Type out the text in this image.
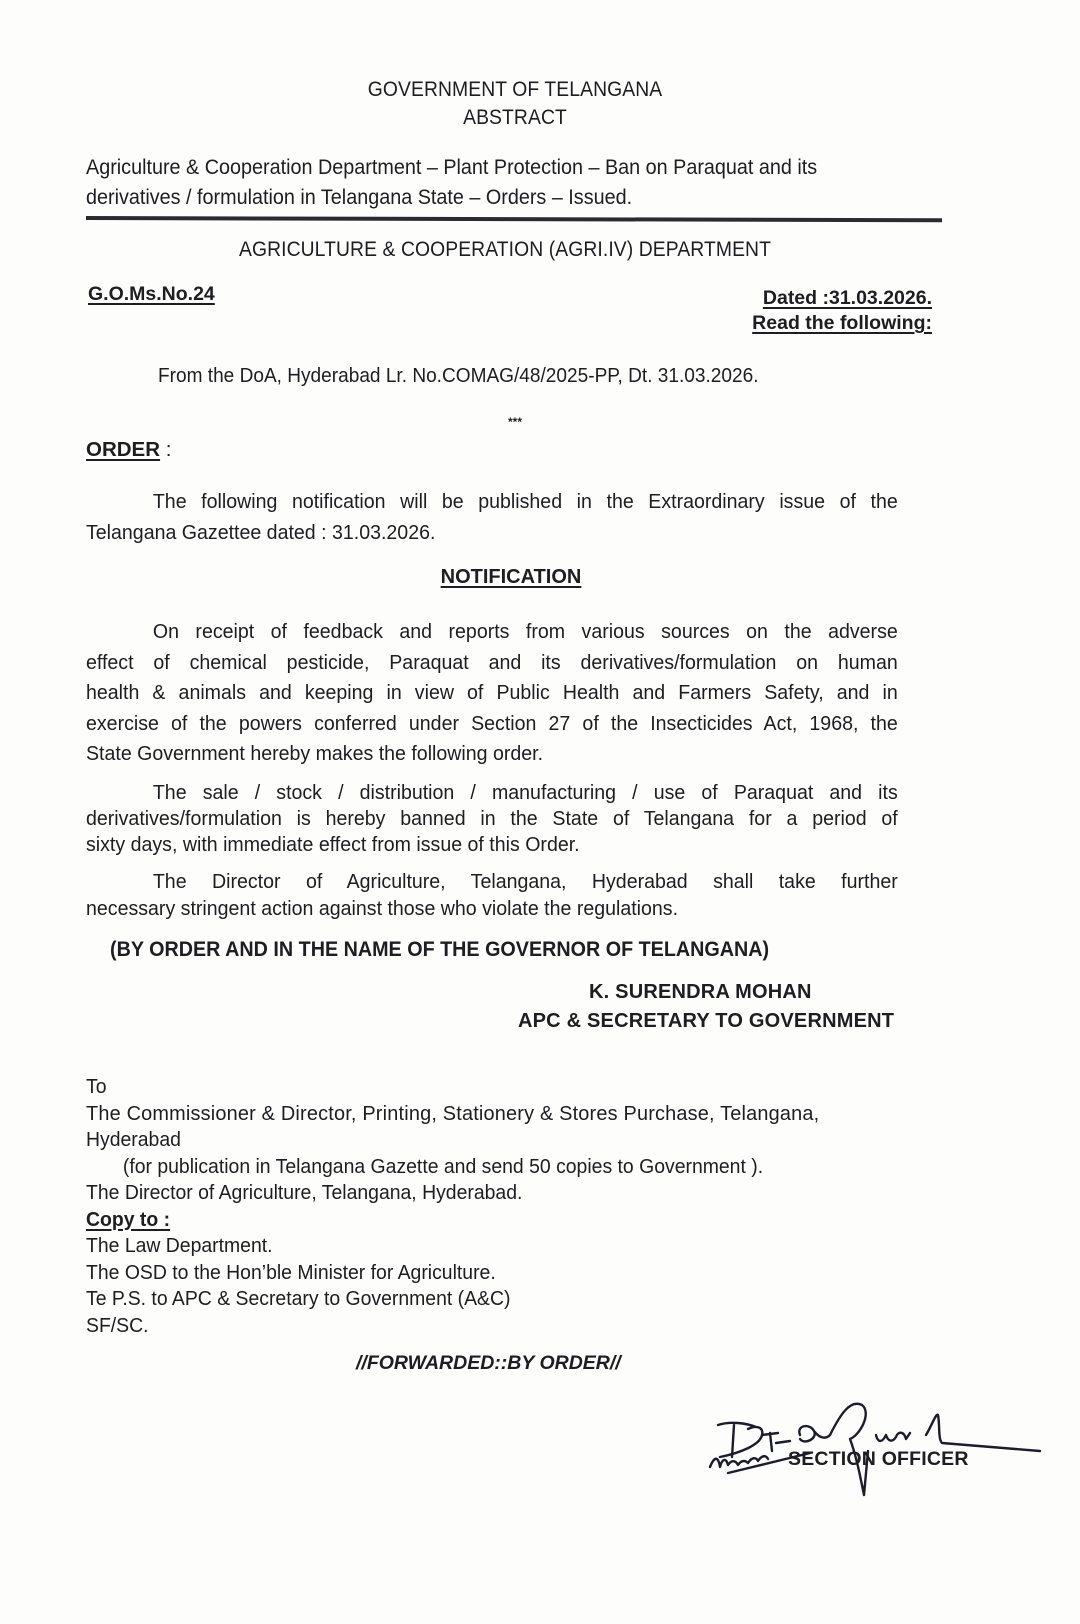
GOVERNMENT OF TELANGANA
ABSTRACT
Agriculture & Cooperation Department – Plant Protection – Ban on Paraquat and its
derivatives / formulation in Telangana State – Orders – Issued.
AGRICULTURE & COOPERATION (AGRI.IV) DEPARTMENT
G.O.Ms.No.24	Dated :31.03.2026.
Read the following:
From the DoA, Hyderabad Lr. No.COMAG/48/2025-PP, Dt. 31.03.2026.
***
ORDER :
The following notification will be published in the Extraordinary issue of the
Telangana Gazettee dated : 31.03.2026.
NOTIFICATION
On receipt of feedback and reports from various sources on the adverse
effect of chemical pesticide, Paraquat and its derivatives/formulation on human
health & animals and keeping in view of Public Health and Farmers Safety, and in
exercise of the powers conferred under Section 27 of the Insecticides Act, 1968, the
State Government hereby makes the following order.
The sale / stock / distribution / manufacturing / use of Paraquat and its
derivatives/formulation is hereby banned in the State of Telangana for a period of
sixty days, with immediate effect from issue of this Order.
The Director of Agriculture, Telangana, Hyderabad shall take further
necessary stringent action against those who violate the regulations.
(BY ORDER AND IN THE NAME OF THE GOVERNOR OF TELANGANA)
K. SURENDRA MOHAN
APC & SECRETARY TO GOVERNMENT
To
The Commissioner & Director, Printing, Stationery & Stores Purchase, Telangana,
Hyderabad
(for publication in Telangana Gazette and send 50 copies to Government ).
The Director of Agriculture, Telangana, Hyderabad.
Copy to :
The Law Department.
The OSD to the Hon’ble Minister for Agriculture.
Te P.S. to APC & Secretary to Government (A&C)
SF/SC.
//FORWARDED::BY ORDER//
SECTION OFFICER
